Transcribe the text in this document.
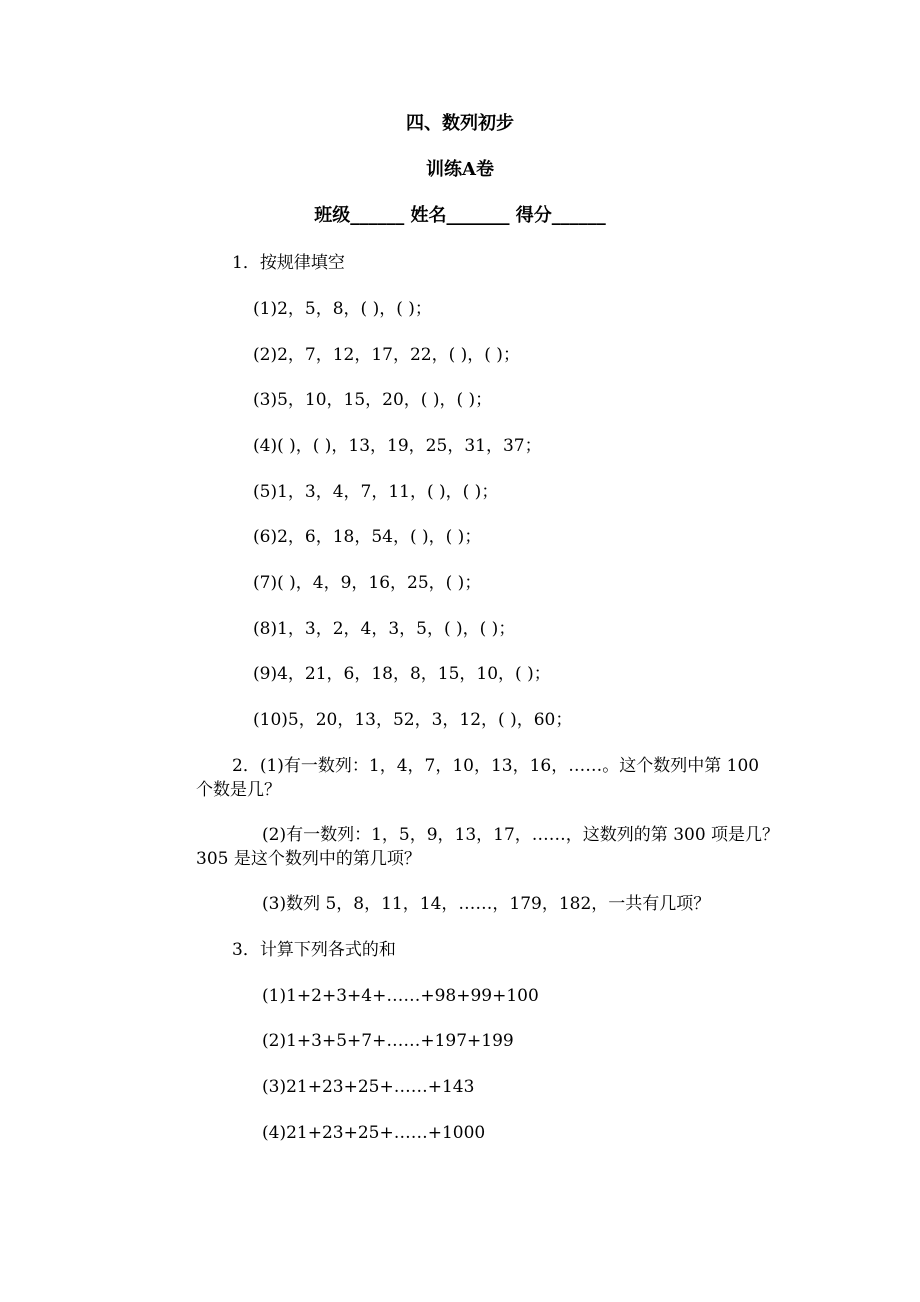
四、数列初步
训练A卷
班级______ 姓名_______ 得分______
1．按规律填空
(1)2，5，8，( )，( )；
(2)2，7，12，17，22，( )，( )；
(3)5，10，15，20，( )，( )；
(4)( )，( )，13，19，25，31，37；
(5)1，3，4，7，11，( )，( )；
(6)2，6，18，54，( )，( )；
(7)( )，4，9，16，25，( )；
(8)1，3，2，4，3，5，( )，( )；
(9)4，21，6，18，8，15，10，( )；
(10)5，20，13，52，3，12，( )，60；
2．(1)有一数列：1，4，7，10，13，16，……。这个数列中第 100
个数是几？
(2)有一数列：1，5，9，13，17，……，这数列的第 300 项是几？
305 是这个数列中的第几项？
(3)数列 5，8，11，14，……，179，182，一共有几项？
3．计算下列各式的和
(1)1+2+3+4+……+98+99+100
(2)1+3+5+7+……+197+199
(3)21+23+25+……+143
(4)21+23+25+……+1000
